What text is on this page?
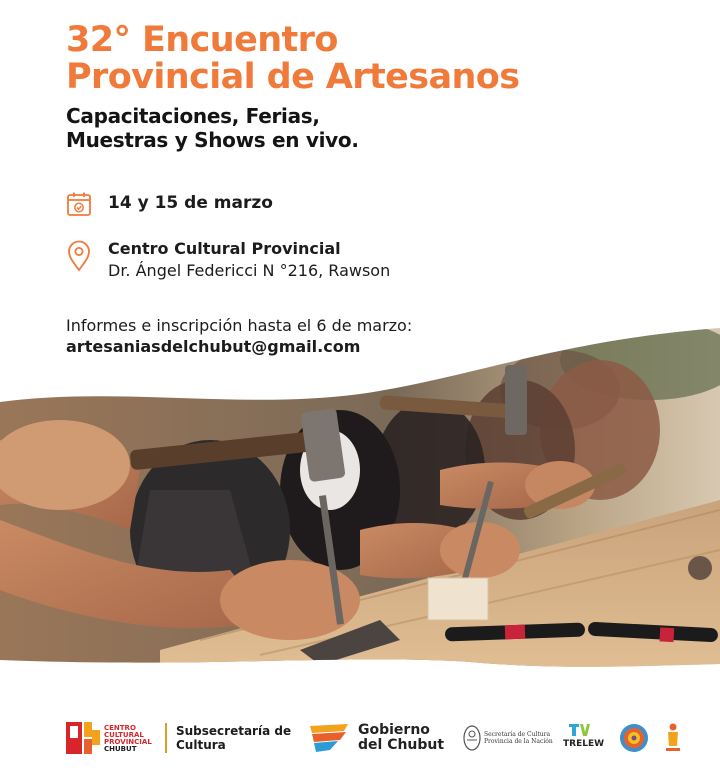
32° Encuentro
Provincial de Artesanos
Capacitaciones, Ferias,
Muestras y Shows en vivo.
14 y 15 de marzo
Centro Cultural Provincial
Dr. Ángel Federicci N °216, Rawson
Informes e inscripción hasta el 6 de marzo:
artesaniasdelchubut@gmail.com
CENTRO
CULTURAL
PROVINCIAL
CHUBUT
Subsecretaría de
Cultura
Gobierno
del Chubut
Secretaría de Cultura
Provincia de la Nación TRELEW
